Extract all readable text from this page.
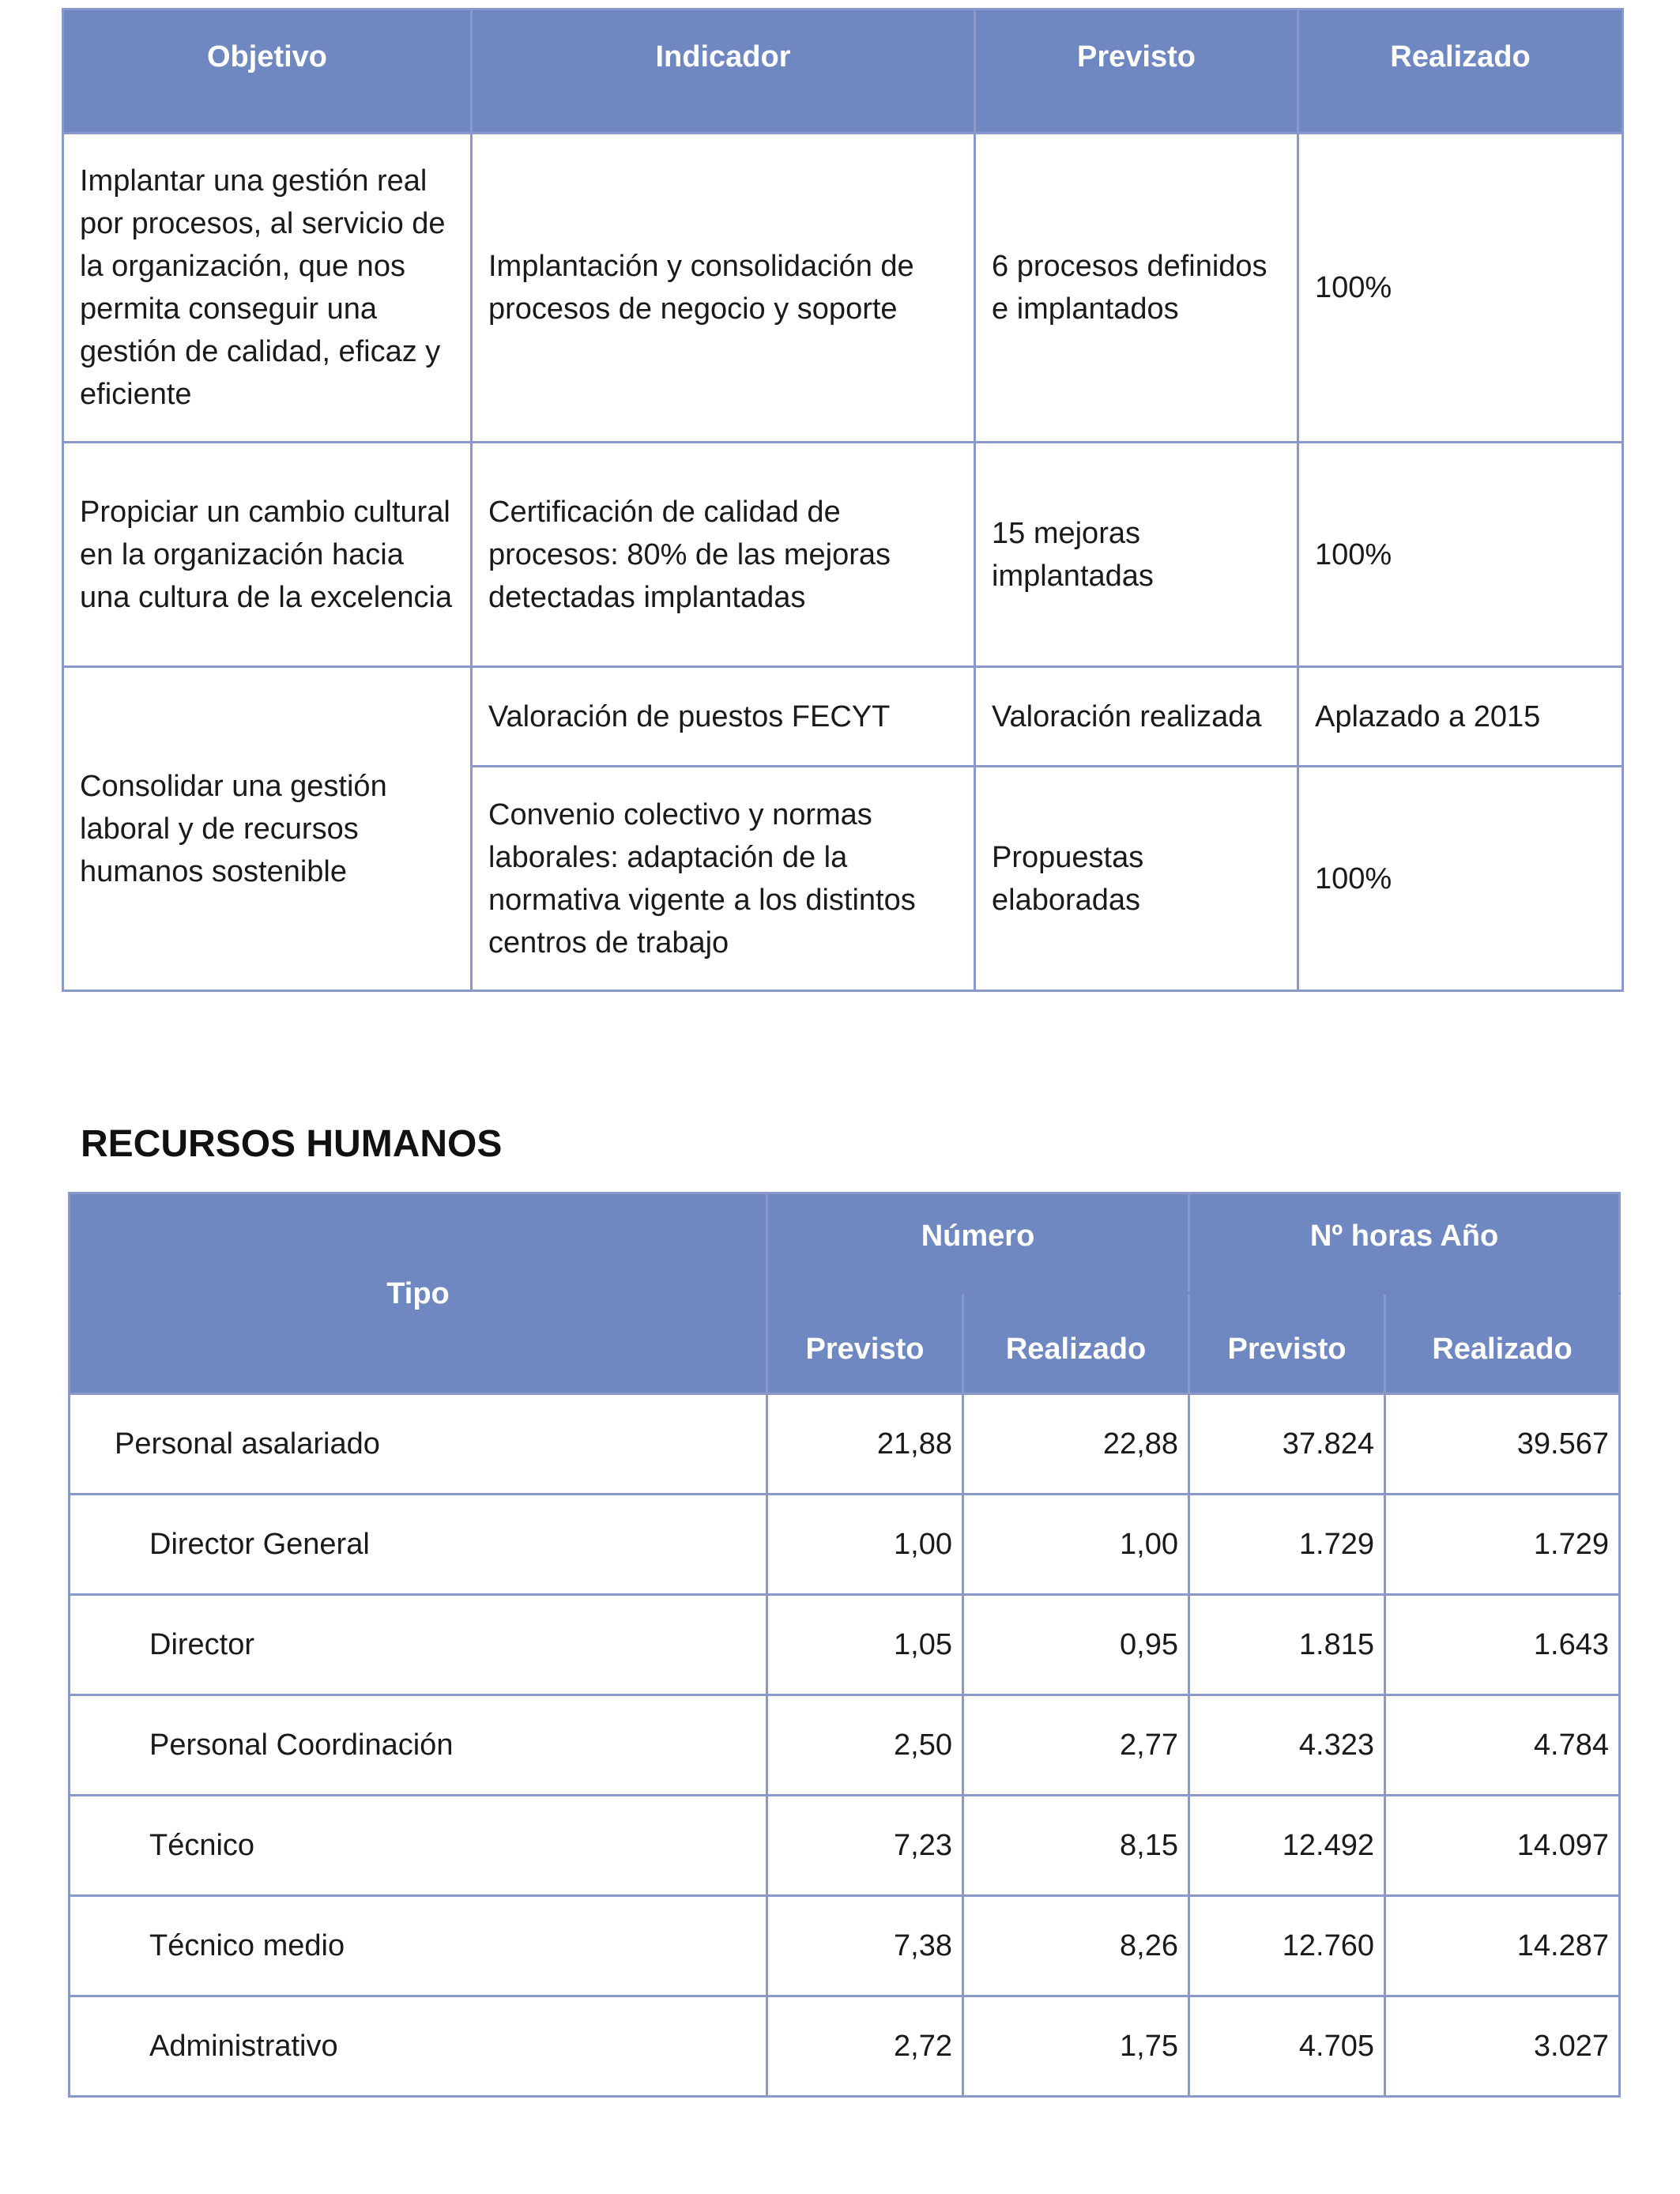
Objetivo	Indicador	Previsto	Realizado
Implantar una gestión real por procesos, al servicio de la organización, que nos permita conseguir una gestión de calidad, eficaz y eficiente	Implantación y consolidación de procesos de negocio y soporte	6 procesos definidos e implantados	100%
Propiciar un cambio cultural en la organización hacia una cultura de la excelencia	Certificación de calidad de procesos: 80% de las mejoras detectadas implantadas	15 mejoras implantadas	100%
Consolidar una gestión laboral y de recursos humanos sostenible	Valoración de puestos FECYT	Valoración realizada	Aplazado a 2015
	Convenio colectivo y normas laborales: adaptación de la normativa vigente a los distintos centros de trabajo	Propuestas elaboradas	100%
RECURSOS HUMANOS
Tipo	Número		Nº horas Año	
	Previsto	Realizado	Previsto	Realizado
Personal asalariado	21,88	22,88	37.824	39.567
Director General	1,00	1,00	1.729	1.729
Director	1,05	0,95	1.815	1.643
Personal Coordinación	2,50	2,77	4.323	4.784
Técnico	7,23	8,15	12.492	14.097
Técnico medio	7,38	8,26	12.760	14.287
Administrativo	2,72	1,75	4.705	3.027
